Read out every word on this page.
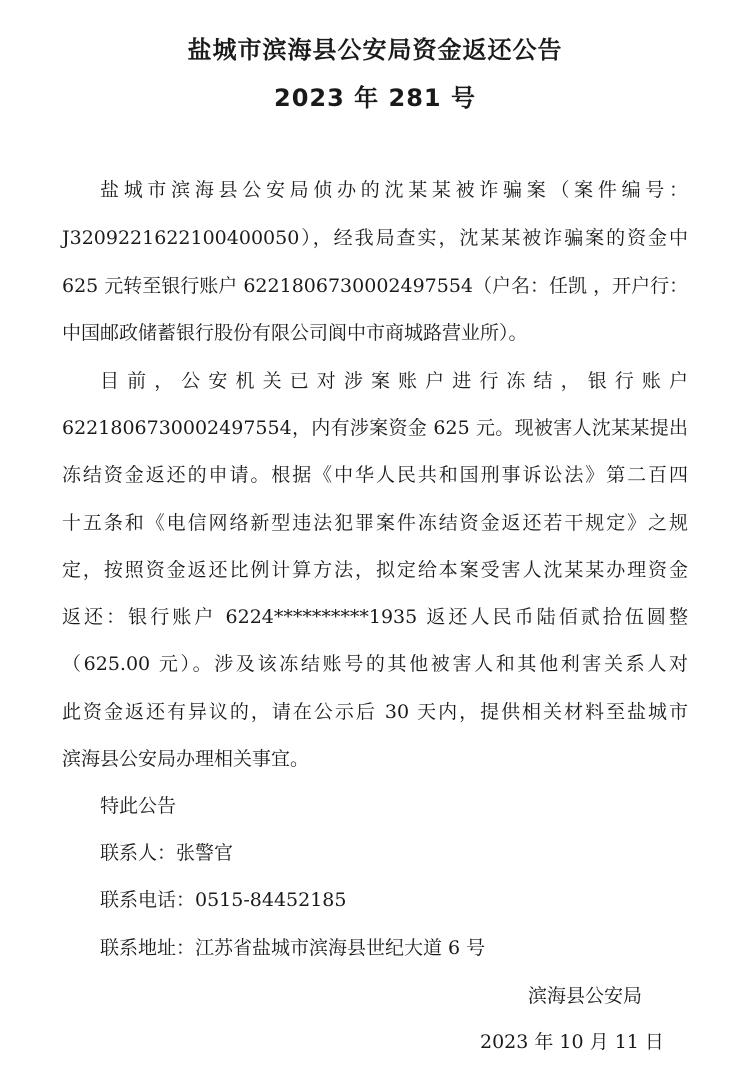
盐城市滨海县公安局资金返还公告
2023 年 281 号
盐城市滨海县公安局侦办的沈某某被诈骗案（案件编号：
J3209221622100400050），经我局查实，沈某某被诈骗案的资金中
625 元转至银行账户 6221806730002497554（户名：任凯 ，开户行：
中国邮政储蓄银行股份有限公司阆中市商城路营业所）。
目前，公安机关已对涉案账户进行冻结，银行账户
6221806730002497554，内有涉案资金 625 元。现被害人沈某某提出
冻结资金返还的申请。根据《中华人民共和国刑事诉讼法》第二百四
十五条和《电信网络新型违法犯罪案件冻结资金返还若干规定》之规
定，按照资金返还比例计算方法，拟定给本案受害人沈某某办理资金
返还：银行账户 6224**********1935 返还人民币陆佰贰拾伍圆整
（625.00 元）。涉及该冻结账号的其他被害人和其他利害关系人对
此资金返还有异议的，请在公示后 30 天内，提供相关材料至盐城市
滨海县公安局办理相关事宜。
特此公告
联系人：张警官
联系电话：0515-84452185
联系地址：江苏省盐城市滨海县世纪大道 6 号
滨海县公安局
2023 年 10 月 11 日
